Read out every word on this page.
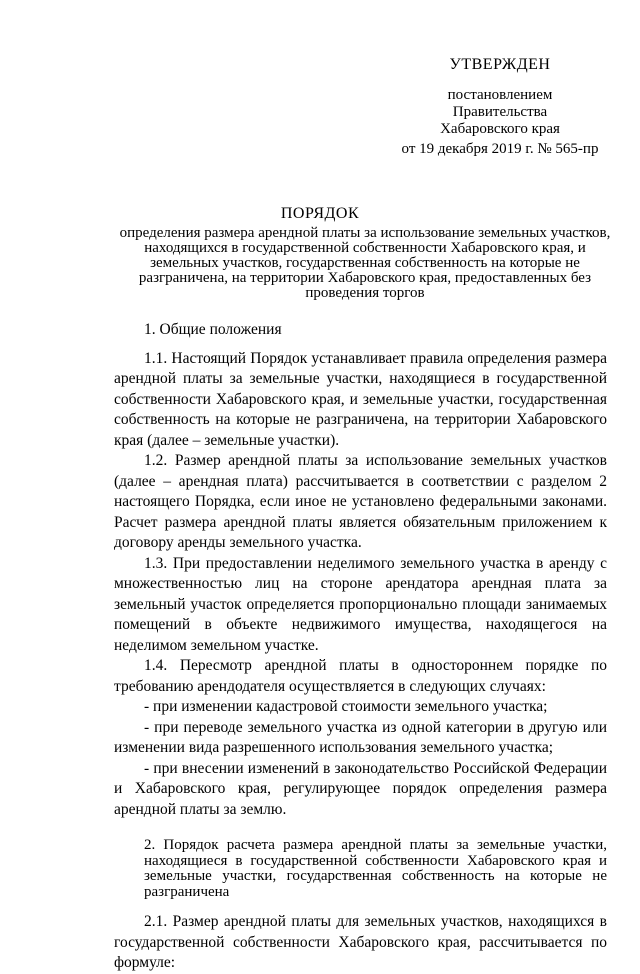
УТВЕРЖДЕН
постановлением
Правительства
Хабаровского края
от 19 декабря 2019 г. № 565-пр
ПОРЯДОК
определения размера арендной платы за использование земельных участков, находящихся в государственной собственности Хабаровского края, и земельных участков, государственная собственность на которые не разграничена, на территории Хабаровского края, предоставленных без проведения торгов

1. Общие положения

1.1. Настоящий Порядок устанавливает правила определения размера арендной платы за земельные участки, находящиеся в государственной собственности Хабаровского края, и земельные участки, государственная собственность на которые не разграничена, на территории Хабаровского края (далее – земельные участки).

1.2. Размер арендной платы за использование земельных участков (далее – арендная плата) рассчитывается в соответствии с разделом 2 настоящего Порядка, если иное не установлено федеральными законами. Расчет размера арендной платы является обязательным приложением к договору аренды земельного участка.

1.3. При предоставлении неделимого земельного участка в аренду с множественностью лиц на стороне арендатора арендная плата за земельный участок определяется пропорционально площади занимаемых помещений в объекте недвижимого имущества, находящегося на неделимом земельном участке.

1.4. Пересмотр арендной платы в одностороннем порядке по требованию арендодателя осуществляется в следующих случаях:

- при изменении кадастровой стоимости земельного участка;

- при переводе земельного участка из одной категории в другую или изменении вида разрешенного использования земельного участка;

- при внесении изменений в законодательство Российской Федерации и Хабаровского края, регулирующее порядок определения размера арендной платы за землю.

2. Порядок расчета размера арендной платы за земельные участки, находящиеся в государственной собственности Хабаровского края и земельные участки, государственная собственность на которые не разграничена

2.1. Размер арендной платы для земельных участков, находящихся в государственной собственности Хабаровского края, рассчитывается по формуле:
